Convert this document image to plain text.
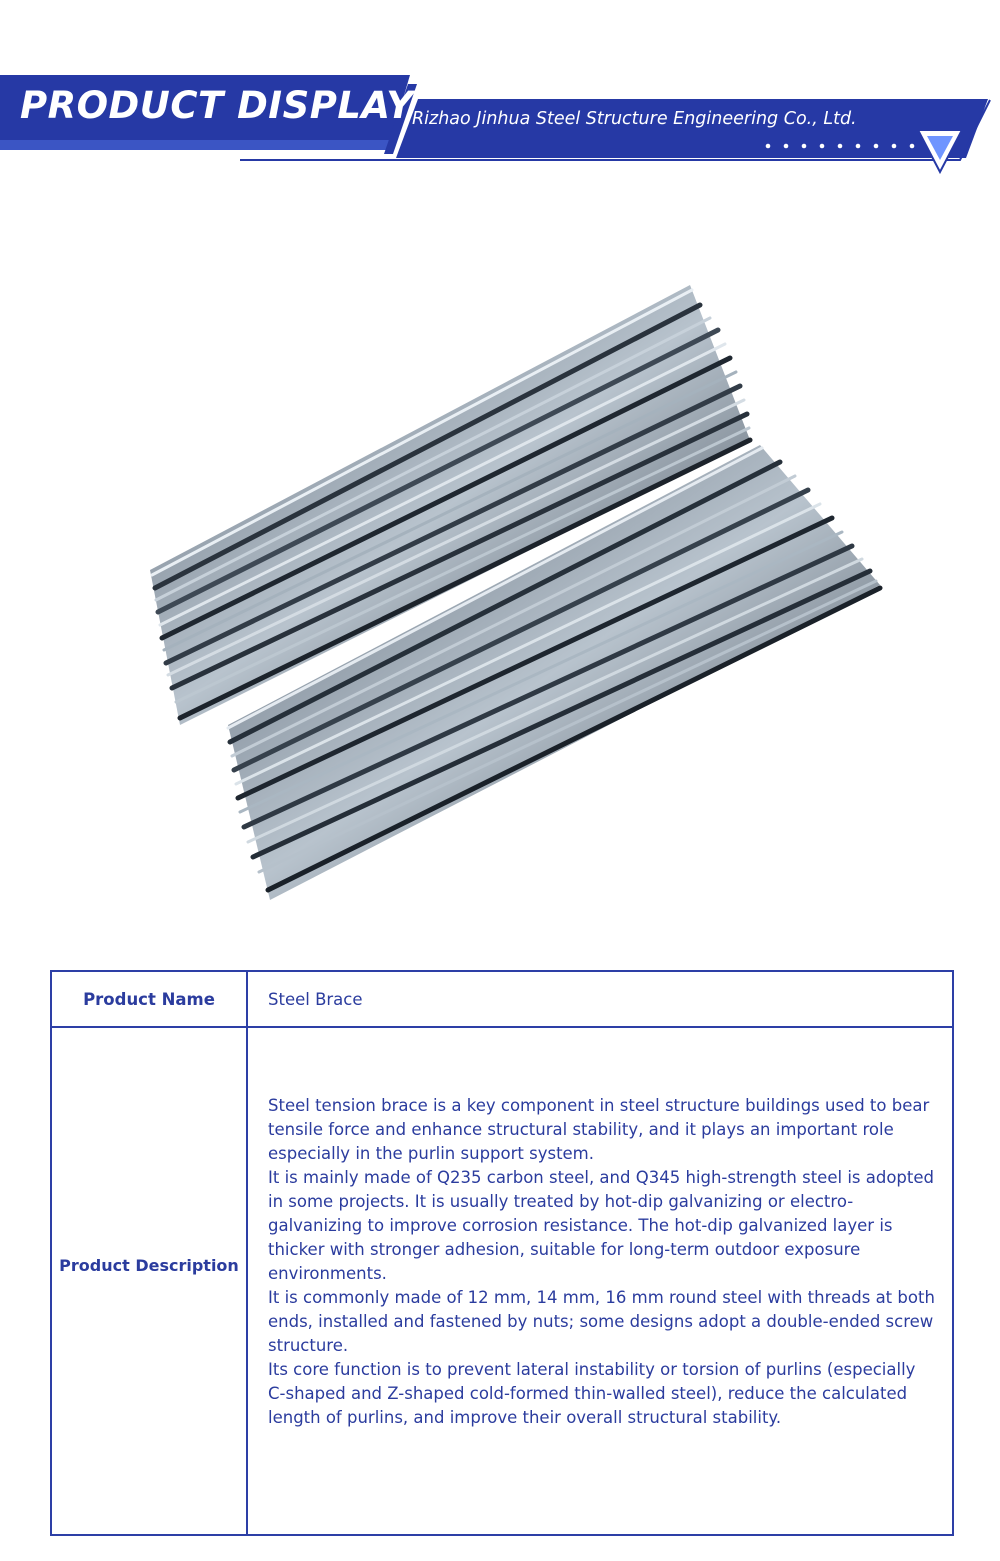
PRODUCT DISPLAY
Rizhao Jinhua Steel Structure Engineering Co., Ltd.
Product Name	Steel Brace
Product Description

Steel tension brace is a key component in steel structure buildings used to bear tensile force and enhance structural stability, and it plays an important role especially in the purlin support system.

It is mainly made of Q235 carbon steel, and Q345 high-strength steel is adopted in some projects. It is usually treated by hot-dip galvanizing or electro-galvanizing to improve corrosion resistance. The hot-dip galvanized layer is thicker with stronger adhesion, suitable for long-term outdoor exposure environments.

It is commonly made of 12 mm, 14 mm, 16 mm round steel with threads at both ends, installed and fastened by nuts; some designs adopt a double-ended screw structure.

Its core function is to prevent lateral instability or torsion of purlins (especially C-shaped and Z-shaped cold-formed thin-walled steel), reduce the calculated length of purlins, and improve their overall structural stability.
